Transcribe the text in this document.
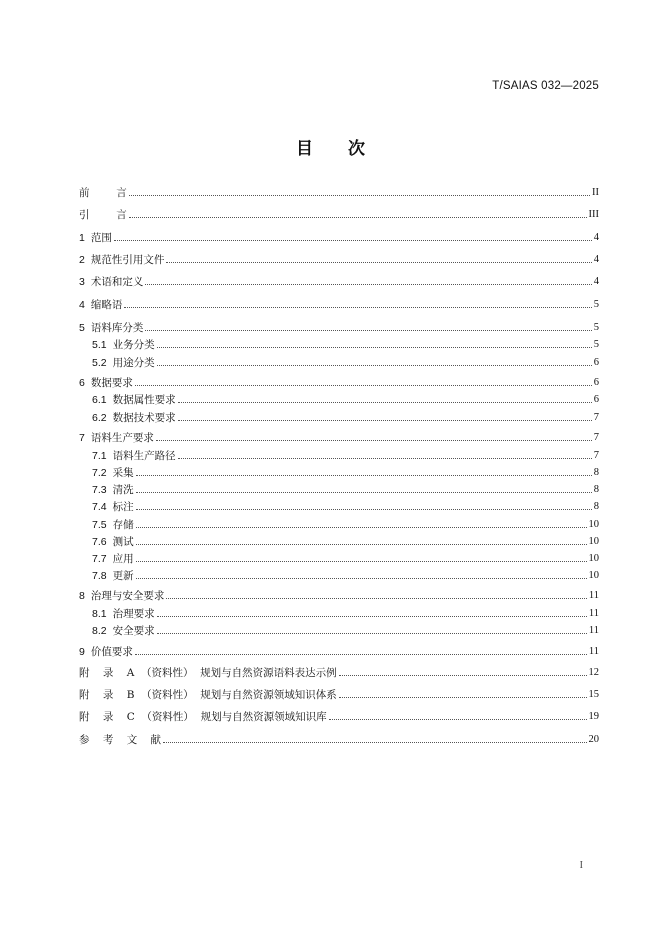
T/SAIAS 032—2025
目 次
前        言	II
引        言	III
1 范围	4
2 规范性引用文件	4
3 术语和定义	4
4 缩略语	5
5 语料库分类	5
5.1 业务分类	5
5.2 用途分类	6
6 数据要求	6
6.1 数据属性要求	6
6.2 数据技术要求	7
7 语料生产要求	7
7.1 语料生产路径	7
7.2 采集	8
7.3 清洗	8
7.4 标注	8
7.5 存储	10
7.6 测试	10
7.7 应用	10
7.8 更新	10
8 治理与安全要求	11
8.1 治理要求	11
8.2 安全要求	11
9 价值要求	11
附    录    A  （资料性）  规划与自然资源语料表达示例	12
附    录    B  （资料性）  规划与自然资源领域知识体系	15
附    录    C  （资料性）  规划与自然资源领域知识库	19
参    考    文    献	20
I
